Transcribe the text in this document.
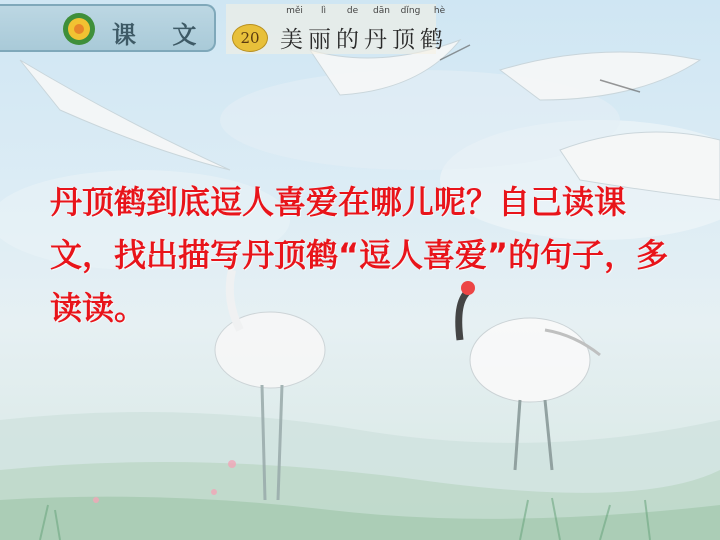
课 文	20
měi	lì	de	dān	dǐng	hè
美丽的丹顶鹤

丹顶鹤到底逗人喜爱在哪儿呢？自己读课文，找出描写丹顶鹤“逗人喜爱”的句子，多读读。
